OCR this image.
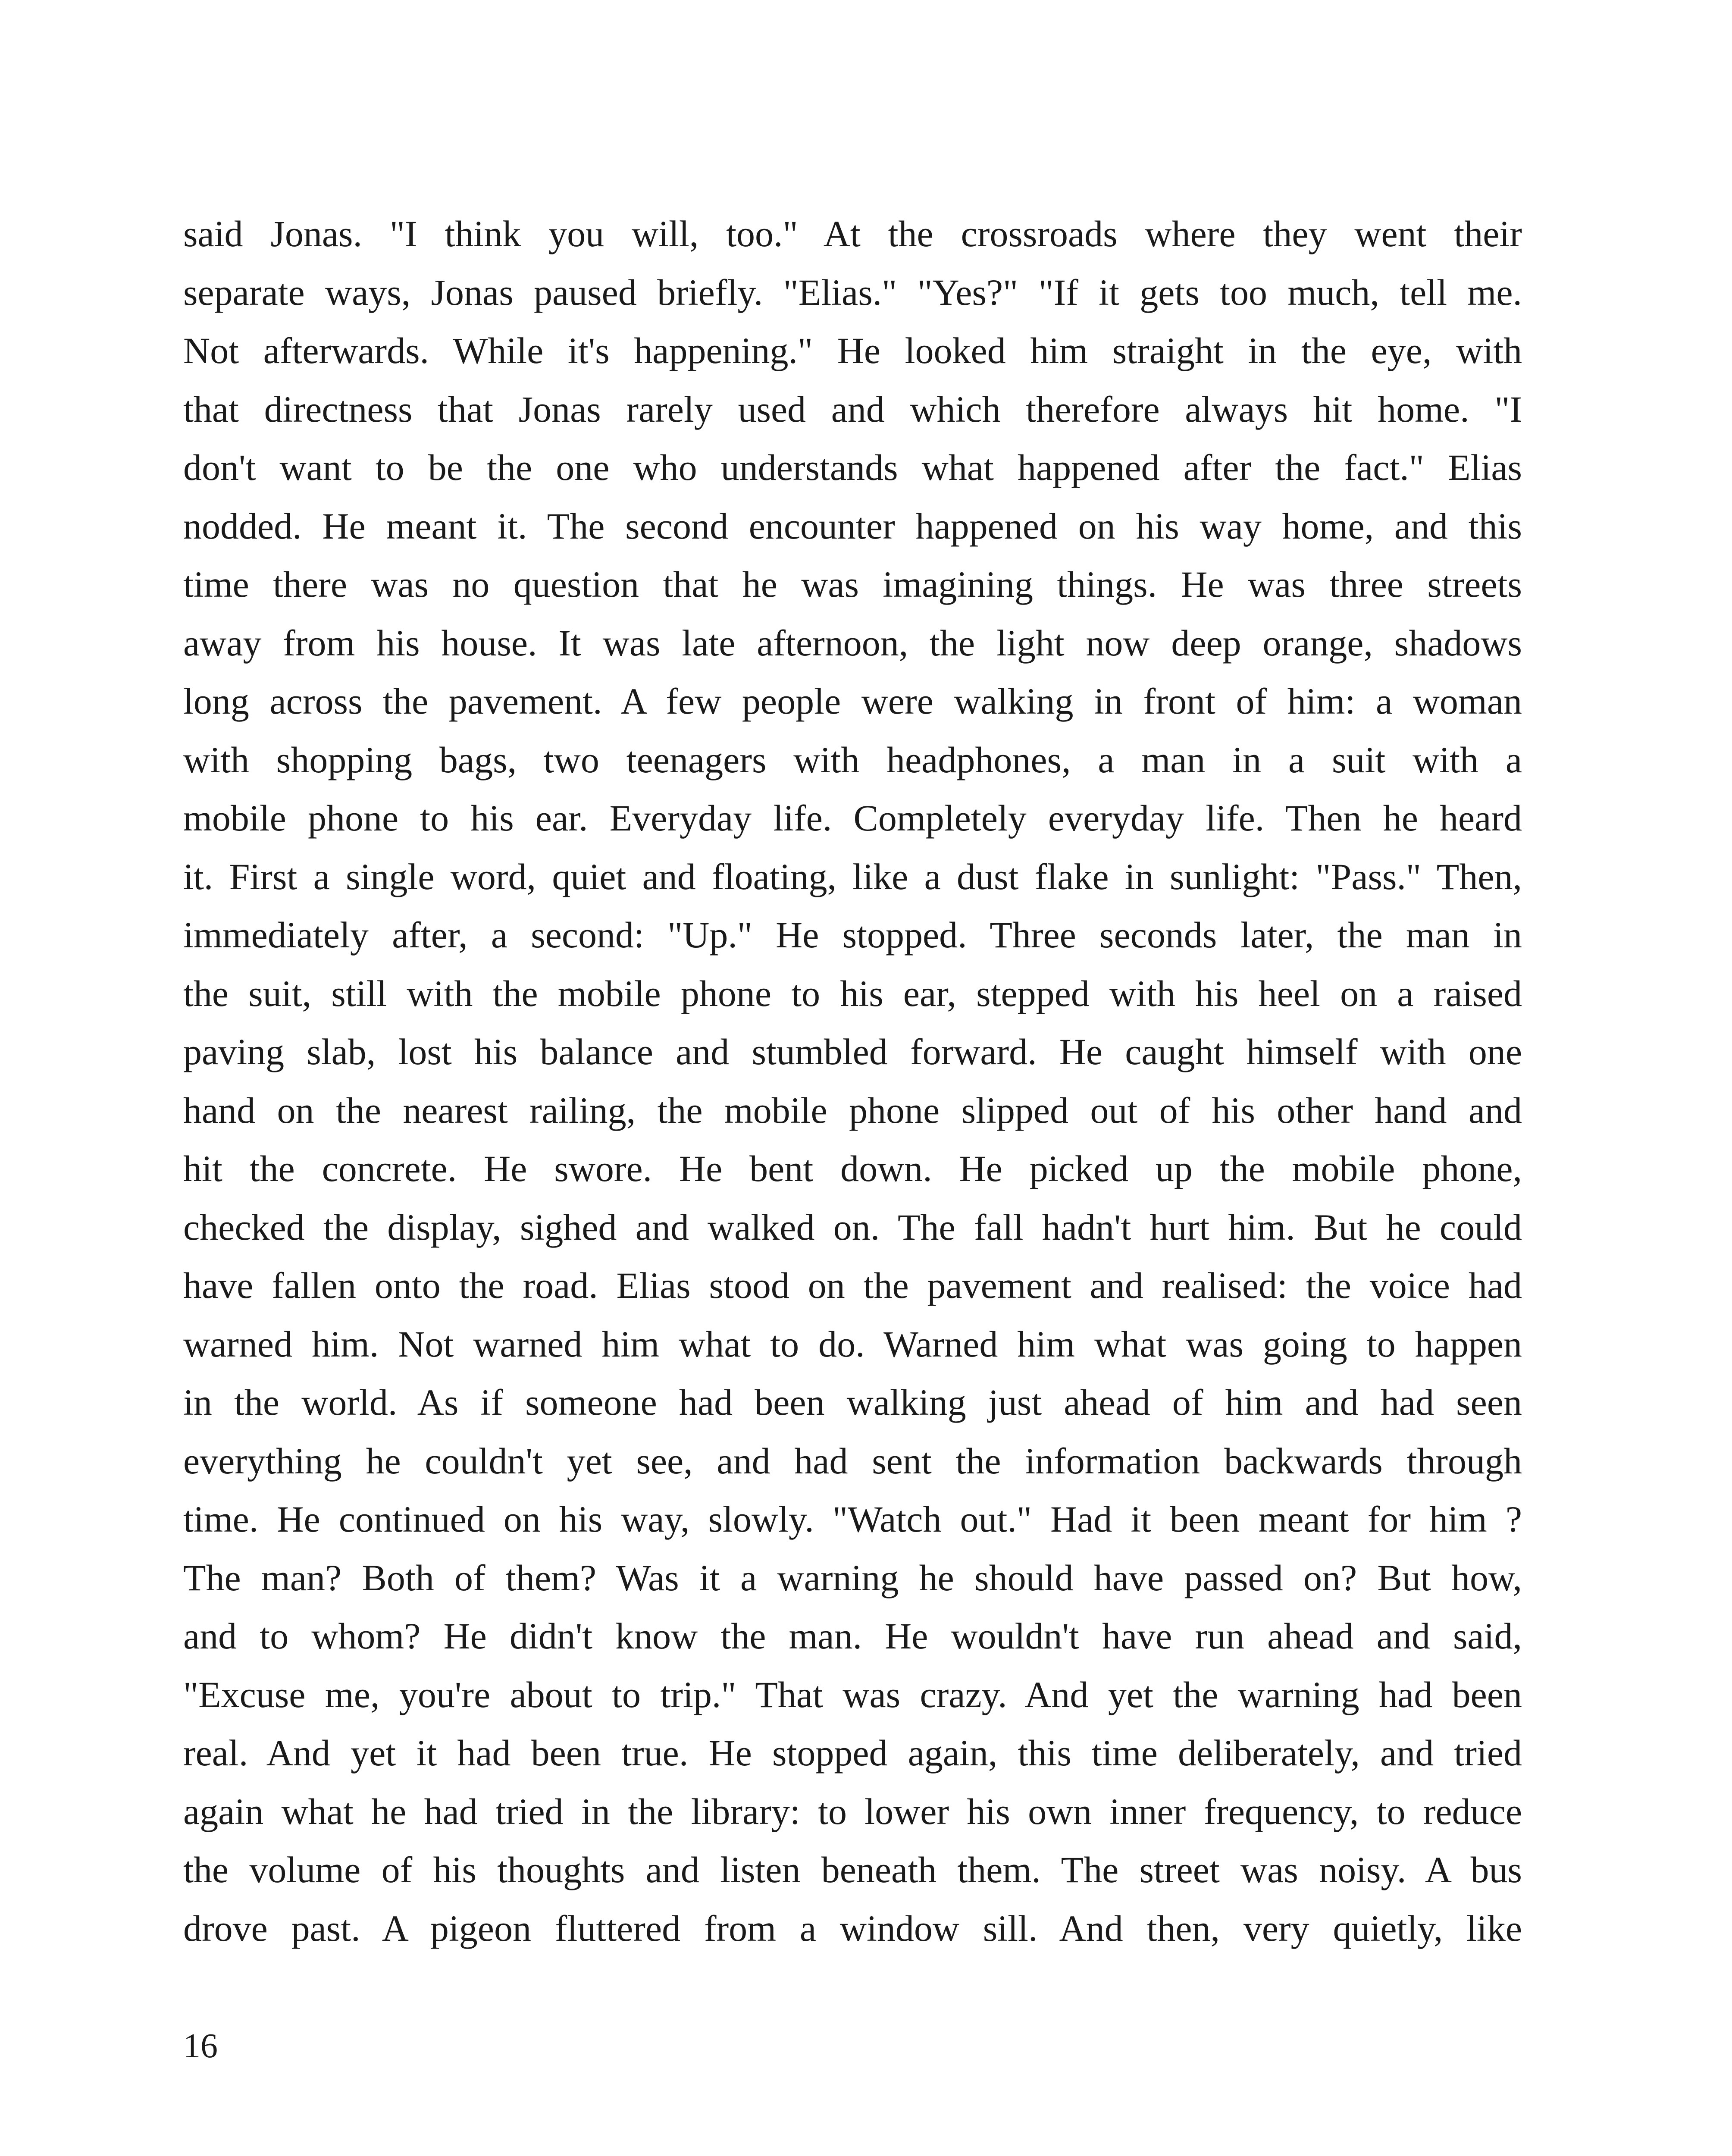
said Jonas. "I think you will, too." At the crossroads where they went their
separate ways, Jonas paused briefly. "Elias." "Yes?" "If it gets too much, tell me.
Not afterwards. While it's happening." He looked him straight in the eye, with
that directness that Jonas rarely used and which therefore always hit home. "I
don't want to be the one who understands what happened after the fact." Elias
nodded. He meant it. The second encounter happened on his way home, and this
time there was no question that he was imagining things. He was three streets
away from his house. It was late afternoon, the light now deep orange, shadows
long across the pavement. A few people were walking in front of him: a woman
with shopping bags, two teenagers with headphones, a man in a suit with a
mobile phone to his ear. Everyday life. Completely everyday life. Then he heard
it. First a single word, quiet and floating, like a dust flake in sunlight: "Pass." Then,
immediately after, a second: "Up." He stopped. Three seconds later, the man in
the suit, still with the mobile phone to his ear, stepped with his heel on a raised
paving slab, lost his balance and stumbled forward. He caught himself with one
hand on the nearest railing, the mobile phone slipped out of his other hand and
hit the concrete. He swore. He bent down. He picked up the mobile phone,
checked the display, sighed and walked on. The fall hadn't hurt him. But he could
have fallen onto the road. Elias stood on the pavement and realised: the voice had
warned him. Not warned him what to do. Warned him what was going to happen
in the world. As if someone had been walking just ahead of him and had seen
everything he couldn't yet see, and had sent the information backwards through
time. He continued on his way, slowly. "Watch out." Had it been meant for him ?
The man? Both of them? Was it a warning he should have passed on? But how,
and to whom? He didn't know the man. He wouldn't have run ahead and said,
"Excuse me, you're about to trip." That was crazy. And yet the warning had been
real. And yet it had been true. He stopped again, this time deliberately, and tried
again what he had tried in the library: to lower his own inner frequency, to reduce
the volume of his thoughts and listen beneath them. The street was noisy. A bus
drove past. A pigeon fluttered from a window sill. And then, very quietly, like
16
